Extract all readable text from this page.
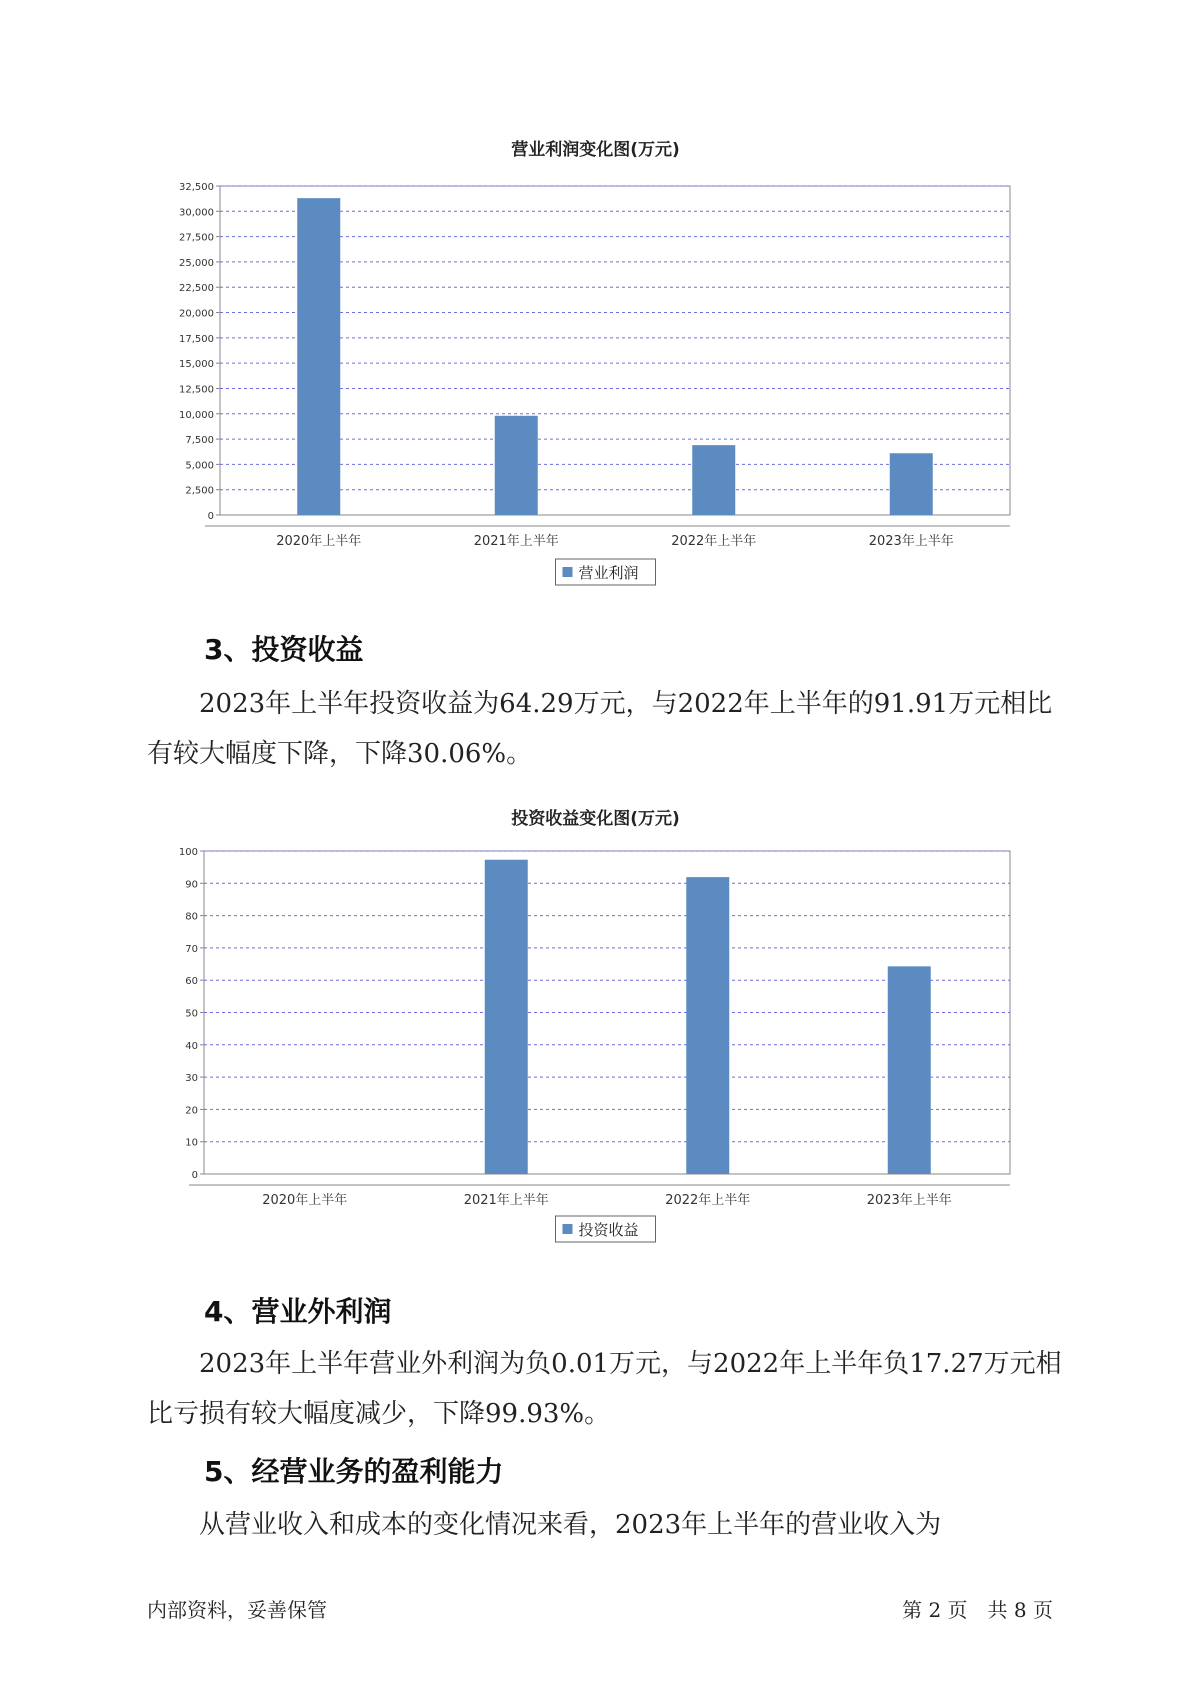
营业利润变化图(万元)
0
2,500
5,000
7,500
10,000
12,500
15,000
17,500
20,000
22,500
25,000
27,500
30,000
32,500
2020年上半年	2021年上半年	2022年上半年	2023年上半年
营业利润
3、投资收益
2023年上半年投资收益为64.29万元，与2022年上半年的91.91万元相比有较大幅度下降，下降30.06%。
投资收益变化图(万元)
0
10
20
30
40
50
60
70
80
90
100
2020年上半年	2021年上半年	2022年上半年	2023年上半年
投资收益
4、营业外利润
2023年上半年营业外利润为负0.01万元，与2022年上半年负17.27万元相比亏损有较大幅度减少，下降99.93%。
5、经营业务的盈利能力
从营业收入和成本的变化情况来看，2023年上半年的营业收入为
内部资料，妥善保管	第 2 页　共 8 页
